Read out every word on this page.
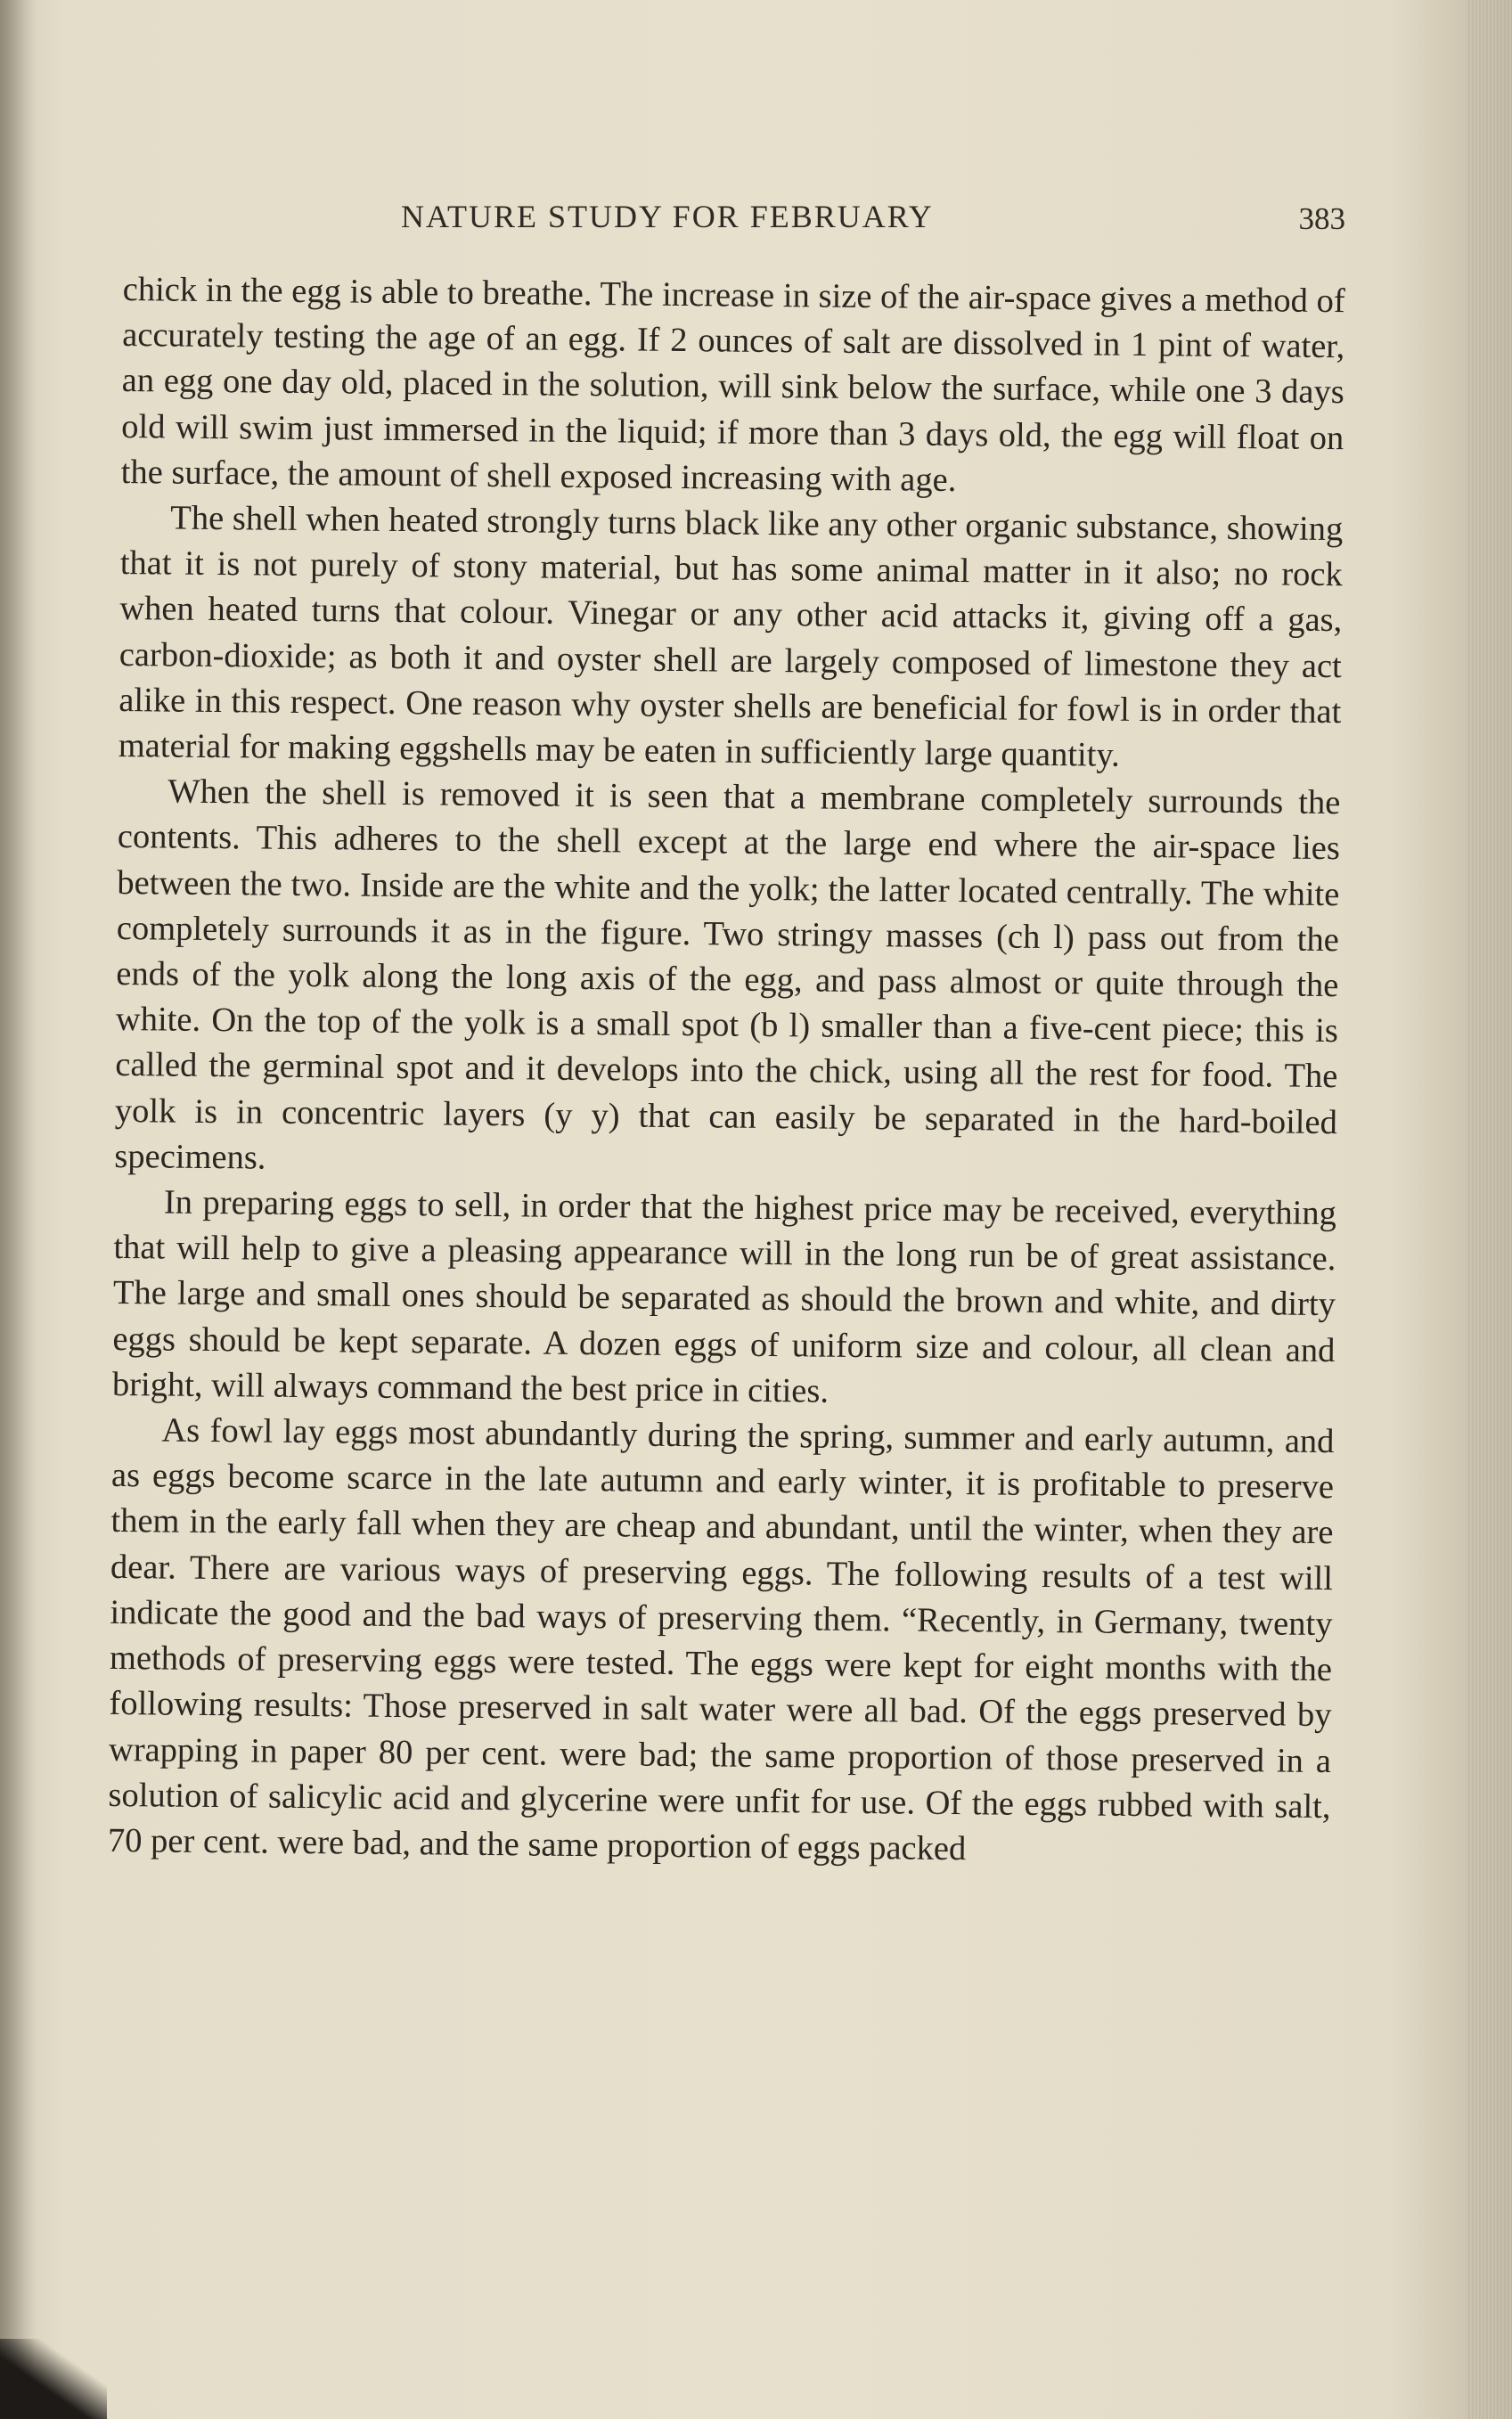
NATURE STUDY FOR FEBRUARY	383

chick in the egg is able to breathe. The increase in size of the air-space gives a method of accurately testing the age of an egg. If 2 ounces of salt are dissolved in 1 pint of water, an egg one day old, placed in the solution, will sink below the surface, while one 3 days old will swim just immersed in the liquid; if more than 3 days old, the egg will float on the surface, the amount of shell exposed increasing with age.

The shell when heated strongly turns black like any other organic substance, showing that it is not purely of stony material, but has some animal matter in it also; no rock when heated turns that colour. Vinegar or any other acid attacks it, giving off a gas, carbon-dioxide; as both it and oyster shell are largely composed of limestone they act alike in this respect. One reason why oyster shells are beneficial for fowl is in order that material for making eggshells may be eaten in sufficiently large quantity.

When the shell is removed it is seen that a membrane completely surrounds the contents. This adheres to the shell except at the large end where the air-space lies between the two. Inside are the white and the yolk; the latter located centrally. The white completely surrounds it as in the figure. Two stringy masses (ch l) pass out from the ends of the yolk along the long axis of the egg, and pass almost or quite through the white. On the top of the yolk is a small spot (b l) smaller than a five-cent piece; this is called the germinal spot and it develops into the chick, using all the rest for food. The yolk is in concentric layers (y y) that can easily be separated in the hard-boiled specimens.

In preparing eggs to sell, in order that the highest price may be received, everything that will help to give a pleasing appearance will in the long run be of great assistance. The large and small ones should be separated as should the brown and white, and dirty eggs should be kept separate. A dozen eggs of uniform size and colour, all clean and bright, will always command the best price in cities.

As fowl lay eggs most abundantly during the spring, summer and early autumn, and as eggs become scarce in the late autumn and early winter, it is profitable to preserve them in the early fall when they are cheap and abundant, until the winter, when they are dear. There are various ways of preserving eggs. The following results of a test will indicate the good and the bad ways of preserving them. “Recently, in Germany, twenty methods of preserving eggs were tested. The eggs were kept for eight months with the following results: Those preserved in salt water were all bad. Of the eggs preserved by wrapping in paper 80 per cent. were bad; the same proportion of those preserved in a solution of salicylic acid and glycerine were unfit for use. Of the eggs rubbed with salt, 70 per cent. were bad, and the same proportion of eggs packed
